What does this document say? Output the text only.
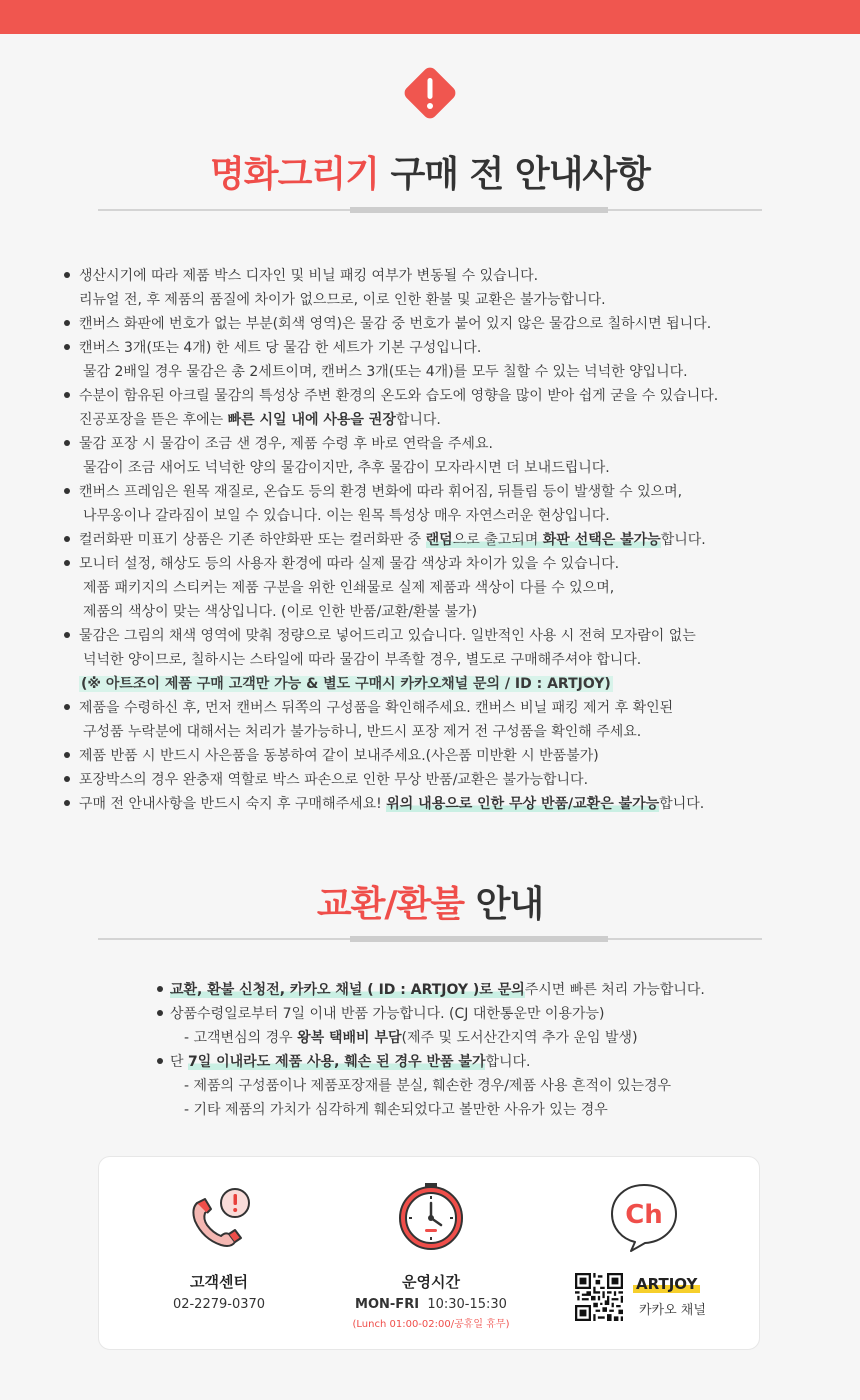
명화그리기 구매 전 안내사항
생산시기에 따라 제품 박스 디자인 및 비닐 패킹 여부가 변동될 수 있습니다.
리뉴얼 전, 후 제품의 품질에 차이가 없으므로, 이로 인한 환불 및 교환은 불가능합니다.
캔버스 화판에 번호가 없는 부분(회색 영역)은 물감 중 번호가 붙어 있지 않은 물감으로 칠하시면 됩니다.
캔버스 3개(또는 4개) 한 세트 당 물감 한 세트가 기본 구성입니다.
물감 2배일 경우 물감은 총 2세트이며, 캔버스 3개(또는 4개)를 모두 칠할 수 있는 넉넉한 양입니다.
수분이 함유된 아크릴 물감의 특성상 주변 환경의 온도와 습도에 영향을 많이 받아 쉽게 굳을 수 있습니다.
진공포장을 뜯은 후에는 빠른 시일 내에 사용을 권장합니다.
물감 포장 시 물감이 조금 샌 경우, 제품 수령 후 바로 연락을 주세요.
물감이 조금 새어도 넉넉한 양의 물감이지만, 추후 물감이 모자라시면 더 보내드립니다.
캔버스 프레임은 원목 재질로, 온습도 등의 환경 변화에 따라 휘어짐, 뒤틀림 등이 발생할 수 있으며,
나무옹이나 갈라짐이 보일 수 있습니다. 이는 원목 특성상 매우 자연스러운 현상입니다.
컬러화판 미표기 상품은 기존 하얀화판 또는 컬러화판 중 랜덤으로 출고되며 화판 선택은 불가능합니다.
모니터 설정, 해상도 등의 사용자 환경에 따라 실제 물감 색상과 차이가 있을 수 있습니다.
제품 패키지의 스티커는 제품 구분을 위한 인쇄물로 실제 제품과 색상이 다를 수 있으며,
제품의 색상이 맞는 색상입니다. (이로 인한 반품/교환/환불 불가)
물감은 그림의 채색 영역에 맞춰 정량으로 넣어드리고 있습니다. 일반적인 사용 시 전혀 모자람이 없는
넉넉한 양이므로, 칠하시는 스타일에 따라 물감이 부족할 경우, 별도로 구매해주셔야 합니다.
(※ 아트조이 제품 구매 고객만 가능 & 별도 구매시 카카오채널 문의 / ID : ARTJOY)
제품을 수령하신 후, 먼저 캔버스 뒤쪽의 구성품을 확인해주세요. 캔버스 비닐 패킹 제거 후 확인된
구성품 누락분에 대해서는 처리가 불가능하니, 반드시 포장 제거 전 구성품을 확인해 주세요.
제품 반품 시 반드시 사은품을 동봉하여 같이 보내주세요.(사은품 미반환 시 반품불가)
포장박스의 경우 완충재 역할로 박스 파손으로 인한 무상 반품/교환은 불가능합니다.
구매 전 안내사항을 반드시 숙지 후 구매해주세요! 위의 내용으로 인한 무상 반품/교환은 불가능합니다.
교환/환불 안내
교환, 환불 신청전, 카카오 채널 ( ID : ARTJOY )로 문의주시면 빠른 처리 가능합니다.
상품수령일로부터 7일 이내 반품 가능합니다. (CJ 대한통운만 이용가능)
- 고객변심의 경우 왕복 택배비 부담(제주 및 도서산간지역 추가 운임 발생)
단 7일 이내라도 제품 사용, 훼손 된 경우 반품 불가합니다.
- 제품의 구성품이나 제품포장재를 분실, 훼손한 경우/제품 사용 흔적이 있는경우
- 기타 제품의 가치가 심각하게 훼손되었다고 볼만한 사유가 있는 경우
고객센터
02-2279-0370
운영시간
MON-FRI 10:30-15:30
(Lunch 01:00-02:00/공휴일 휴무)
Ch
ARTJOY
카카오 채널
